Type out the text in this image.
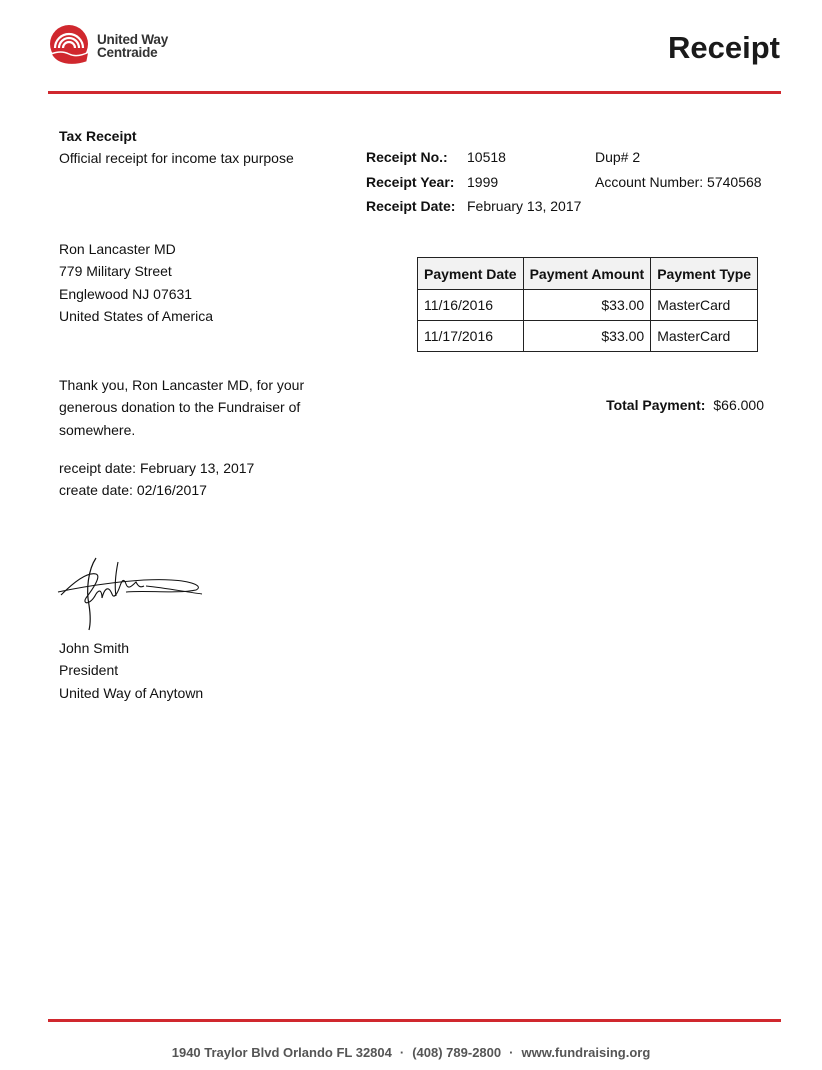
United Way
Centraide	Receipt
Tax Receipt
Official receipt for income tax purpose	Receipt No.: 10518
Receipt Year: 1999
Receipt Date: February 13, 2017
Dup# 2
Account Number: 5740568
Ron Lancaster MD
779 Military Street
Englewood NJ 07631
United States of America
Payment Date	Payment Amount	Payment Type
11/16/2016	$33.00	MasterCard
11/17/2016	$33.00	MasterCard
Total Payment: $66.000
Thank you, Ron Lancaster MD, for your
generous donation to the Fundraiser of
somewhere.
receipt date: February 13, 2017
create date: 02/16/2017
John Smith
President
United Way of Anytown
1940 Traylor Blvd Orlando FL 32804 · (408) 789-2800 · www.fundraising.org
